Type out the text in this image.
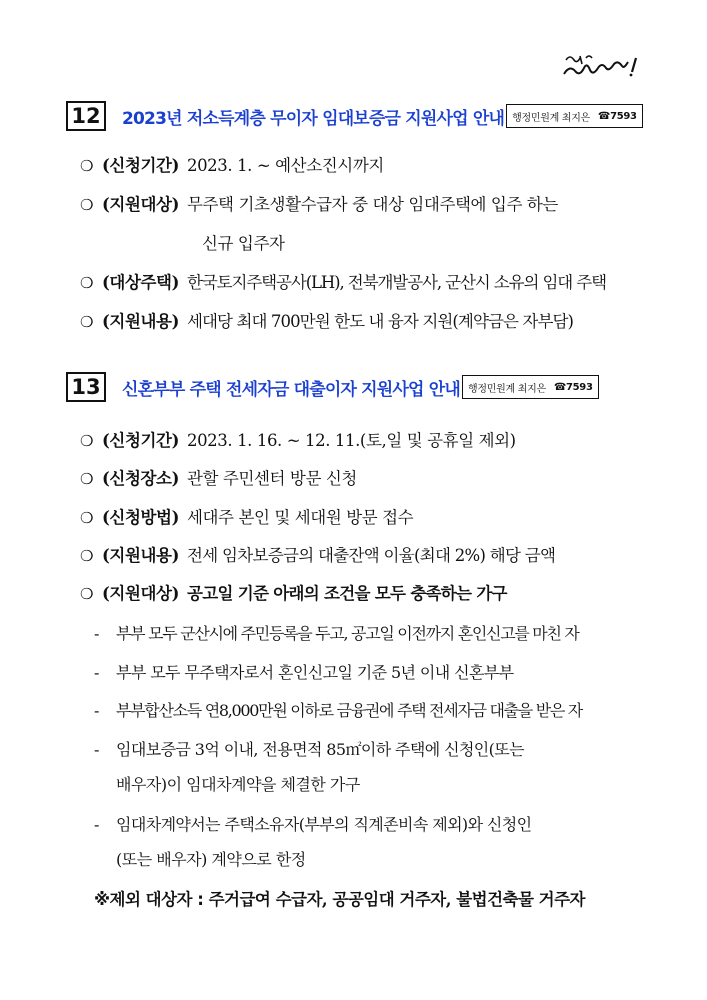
12	2023년 저소득계층 무이자 임대보증금 지원사업 안내 행정민원계 최지은 ☎7593
❍ (신청기간) 2023. 1. ~ 예산소진시까지
❍ (지원대상) 무주택 기초생활수급자 중 대상 임대주택에 입주 하는
신규 입주자
❍ (대상주택) 한국토지주택공사(LH), 전북개발공사, 군산시 소유의 임대 주택
❍ (지원내용) 세대당 최대 700만원 한도 내 융자 지원(계약금은 자부담)
13	신혼부부 주택 전세자금 대출이자 지원사업 안내 행정민원계 최지은 ☎7593
❍ (신청기간) 2023. 1. 16. ~ 12. 11.(토,일 및 공휴일 제외)
❍ (신청장소) 관할 주민센터 방문 신청
❍ (신청방법) 세대주 본인 및 세대원 방문 접수
❍ (지원내용) 전세 임차보증금의 대출잔액 이율(최대 2%) 해당 금액
❍ (지원대상) 공고일 기준 아래의 조건을 모두 충족하는 가구
- 부부 모두 군산시에 주민등록을 두고, 공고일 이전까지 혼인신고를 마친 자
- 부부 모두 무주택자로서 혼인신고일 기준 5년 이내 신혼부부
- 부부합산소득 연8,000만원 이하로 금융권에 주택 전세자금 대출을 받은 자
- 임대보증금 3억 이내, 전용면적 85㎡이하 주택에 신청인(또는
배우자)이 임대차계약을 체결한 가구
- 임대차계약서는 주택소유자(부부의 직계존비속 제외)와 신청인
(또는 배우자) 계약으로 한정
※제외 대상자 : 주거급여 수급자, 공공임대 거주자, 불법건축물 거주자
